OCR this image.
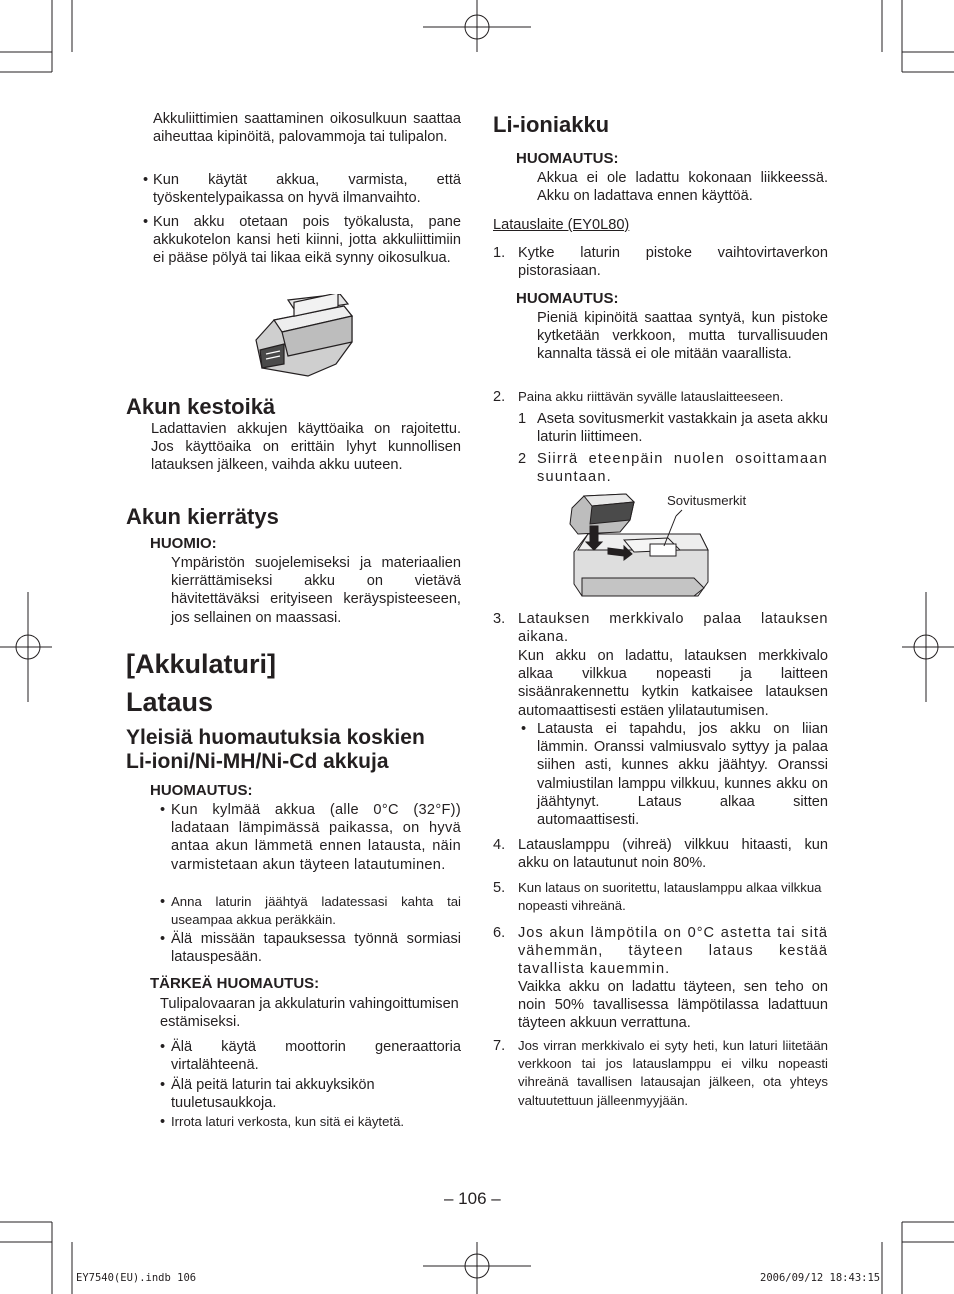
Akkuliittimien saattaminen oikosulkuun saattaa aiheuttaa kipinöitä, palovammoja tai tulipalon.
• Kun käytät akkua, varmista, että työskentelypaikassa on hyvä ilmanvaihto.
• Kun akku otetaan pois työkalusta, pane akkukotelon kansi heti kiinni, jotta akkuliittimiin ei pääse pölyä tai likaa eikä synny oikosulkua.
Akun kestoikä
Ladattavien akkujen käyttöaika on rajoitettu. Jos käyttöaika on erittäin lyhyt kunnollisen latauksen jälkeen, vaihda akku uuteen.
Akun kierrätys
HUOMIO:
Ympäristön suojelemiseksi ja materiaalien kierrättämiseksi akku on vietävä hävitettäväksi erityiseen keräyspisteeseen, jos sellainen on maassasi.
[Akkulaturi]
Lataus
Yleisiä huomautuksia koskien
Li-ioni/Ni-MH/Ni-Cd akkuja
HUOMAUTUS:
• Kun kylmää akkua (alle 0°C (32°F)) ladataan lämpimässä paikassa, on hyvä antaa akun lämmetä ennen latausta, näin varmistetaan akun täyteen latautuminen.
• Anna laturin jäähtyä ladatessasi kahta tai useampaa akkua peräkkäin.
• Älä missään tapauksessa työnnä sormiasi latauspesään.
TÄRKEÄ HUOMAUTUS:
Tulipalovaaran ja akkulaturin vahingoittumisen estämiseksi.
• Älä käytä moottorin generaattoria virtalähteenä.
• Älä peitä laturin tai akkuyksikön tuuletusaukkoja.
• Irrota laturi verkosta, kun sitä ei käytetä.
Li-ioniakku
HUOMAUTUS:
Akkua ei ole ladattu kokonaan liikkeessä. Akku on ladattava ennen käyttöä.
Latauslaite (EY0L80)
1. Kytke laturin pistoke vaihtovirtaverkon pistorasiaan.
HUOMAUTUS:
Pieniä kipinöitä saattaa syntyä, kun pistoke kytketään verkkoon, mutta turvallisuuden kannalta tässä ei ole mitään vaarallista.
2. Paina akku riittävän syvälle latauslaitteeseen.
1 Aseta sovitusmerkit vastakkain ja aseta akku laturin liittimeen.
2 Siirrä eteenpäin nuolen osoittamaan suuntaan.
Sovitusmerkit
3. Latauksen merkkivalo palaa latauksen aikana.
Kun akku on ladattu, latauksen merkkivalo alkaa vilkkua nopeasti ja laitteen sisäänrakennettu kytkin katkaisee latauksen automaattisesti estäen ylilatautumisen.
• Latausta ei tapahdu, jos akku on liian lämmin. Oranssi valmiusvalo syttyy ja palaa siihen asti, kunnes akku jäähtyy. Oranssi valmiustilan lamppu vilkkuu, kunnes akku on jäähtynyt. Lataus alkaa sitten automaattisesti.
4. Latauslamppu (vihreä) vilkkuu hitaasti, kun akku on latautunut noin 80%.
5. Kun lataus on suoritettu, latauslamppu alkaa vilkkua nopeasti vihreänä.
6. Jos akun lämpötila on 0°C astetta tai sitä vähemmän, täyteen lataus kestää tavallista kauemmin.
Vaikka akku on ladattu täyteen, sen teho on noin 50% tavallisessa lämpötilassa ladattuun täyteen akkuun verrattuna.
7. Jos virran merkkivalo ei syty heti, kun laturi liitetään verkkoon tai jos latauslamppu ei vilku nopeasti vihreänä tavallisen latausajan jälkeen, ota yhteys valtuutettuun jälleenmyyjään.
– 106 –
EY7540(EU).indb 106	2006/09/12 18:43:15
